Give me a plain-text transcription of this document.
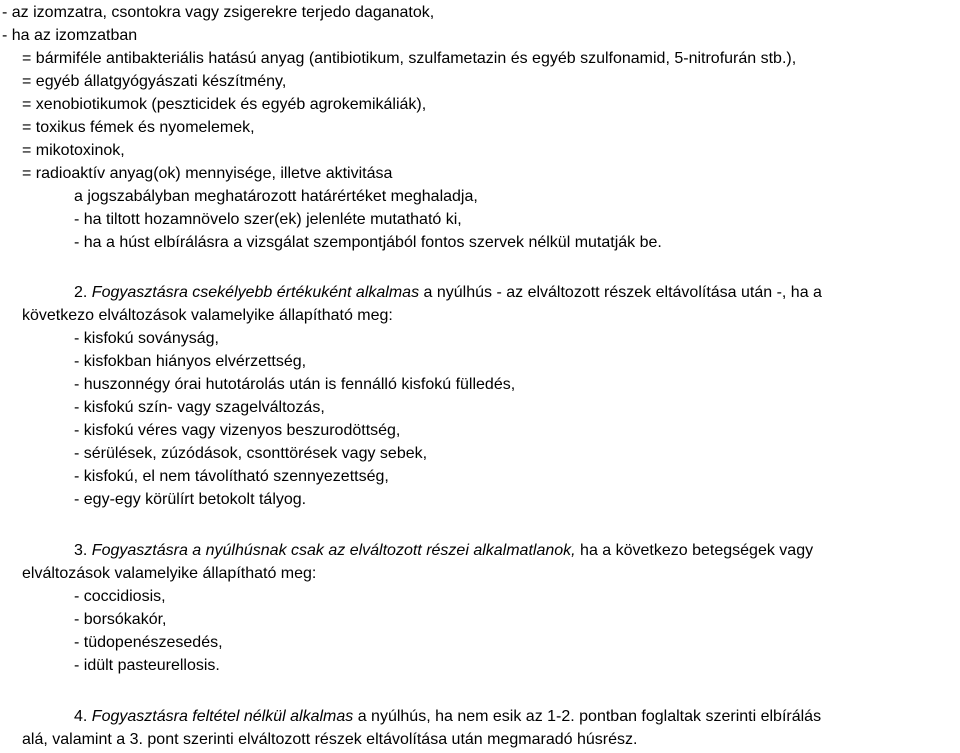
- az izomzatra, csontokra vagy zsigerekre terjedo daganatok,
- ha az izomzatban
= bármiféle antibakteriális hatású anyag (antibiotikum, szulfametazin és egyéb szulfonamid, 5-nitrofurán stb.),
= egyéb állatgyógyászati készítmény,
= xenobiotikumok (peszticidek és egyéb agrokemikáliák),
= toxikus fémek és nyomelemek,
= mikotoxinok,
= radioaktív anyag(ok) mennyisége, illetve aktivitása
a jogszabályban meghatározott határértéket meghaladja,
- ha tiltott hozamnövelo szer(ek) jelenléte mutatható ki,
- ha a húst elbírálásra a vizsgálat szempontjából fontos szervek nélkül mutatják be.
2. Fogyasztásra csekélyebb értékuként alkalmas a nyúlhús - az elváltozott részek eltávolítása után -, ha a
következo elváltozások valamelyike állapítható meg:
- kisfokú soványság,
- kisfokban hiányos elvérzettség,
- huszonnégy órai hutotárolás után is fennálló kisfokú fülledés,
- kisfokú szín- vagy szagelváltozás,
- kisfokú véres vagy vizenyos beszurodöttség,
- sérülések, zúzódások, csonttörések vagy sebek,
- kisfokú, el nem távolítható szennyezettség,
- egy-egy körülírt betokolt tályog.
3. Fogyasztásra a nyúlhúsnak csak az elváltozott részei alkalmatlanok, ha a következo betegségek vagy
elváltozások valamelyike állapítható meg:
- coccidiosis,
- borsókakór,
- tüdopenészesedés,
- idült pasteurellosis.
4. Fogyasztásra feltétel nélkül alkalmas a nyúlhús, ha nem esik az 1-2. pontban foglaltak szerinti elbírálás
alá, valamint a 3. pont szerinti elváltozott részek eltávolítása után megmaradó húsrész.
